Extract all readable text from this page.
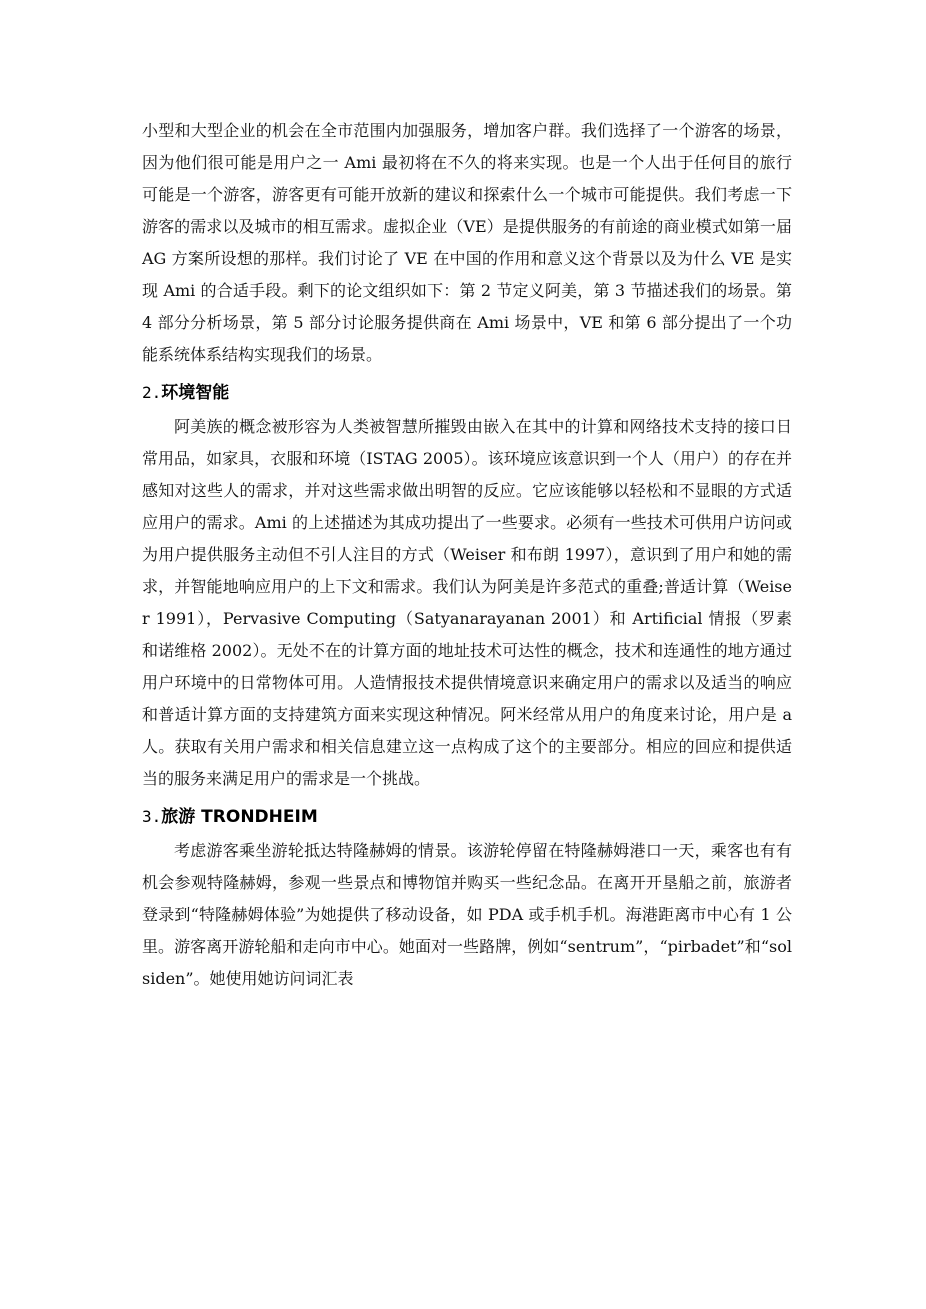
小型和大型企业的机会在全市范围内加强服务，增加客户群。我们选择了一个游客的场景，因为他们很可能是用户之一 Ami 最初将在不久的将来实现。也是一个人出于任何目的旅行可能是一个游客，游客更有可能开放新的建议和探索什么一个城市可能提供。我们考虑一下游客的需求以及城市的相互需求。虚拟企业（VE）是提供服务的有前途的商业模式如第一届 AG 方案所设想的那样。我们讨论了 VE 在中国的作用和意义这个背景以及为什么 VE 是实现 Ami 的合适手段。剩下的论文组织如下：第 2 节定义阿美，第 3 节描述我们的场景。第 4 部分分析场景，第 5 部分讨论服务提供商在 Ami 场景中，VE 和第 6 部分提出了一个功能系统体系结构实现我们的场景。

2.环境智能

阿美族的概念被形容为人类被智慧所摧毁由嵌入在其中的计算和网络技术支持的接口日常用品，如家具，衣服和环境（ISTAG 2005）。该环境应该意识到一个人（用户）的存在并感知对这些人的需求，并对这些需求做出明智的反应。它应该能够以轻松和不显眼的方式适应用户的需求。Ami 的上述描述为其成功提出了一些要求。必须有一些技术可供用户访问或为用户提供服务主动但不引人注目的方式（Weiser 和布朗 1997），意识到了用户和她的需求，并智能地响应用户的上下文和需求。我们认为阿美是许多范式的重叠;普适计算（Weiser 1991），Pervasive Computing（Satyanarayanan 2001）和 Artificial 情报（罗素和诺维格 2002）。无处不在的计算方面的地址技术可达性的概念，技术和连通性的地方通过用户环境中的日常物体可用。人造情报技术提供情境意识来确定用户的需求以及适当的响应和普适计算方面的支持建筑方面来实现这种情况。阿米经常从用户的角度来讨论，用户是 a 人。获取有关用户需求和相关信息建立这一点构成了这个的主要部分。相应的回应和提供适当的服务来满足用户的需求是一个挑战。

3.旅游 TRONDHEIM

考虑游客乘坐游轮抵达特隆赫姆的情景。该游轮停留在特隆赫姆港口一天，乘客也有有机会参观特隆赫姆，参观一些景点和博物馆并购买一些纪念品。在离开开垦船之前，旅游者登录到“特隆赫姆体验”为她提供了移动设备，如 PDA 或手机手机。海港距离市中心有 1 公里。游客离开游轮船和走向市中心。她面对一些路牌，例如“sentrum”，“pirbadet”和“solsiden”。她使用她访问词汇表
